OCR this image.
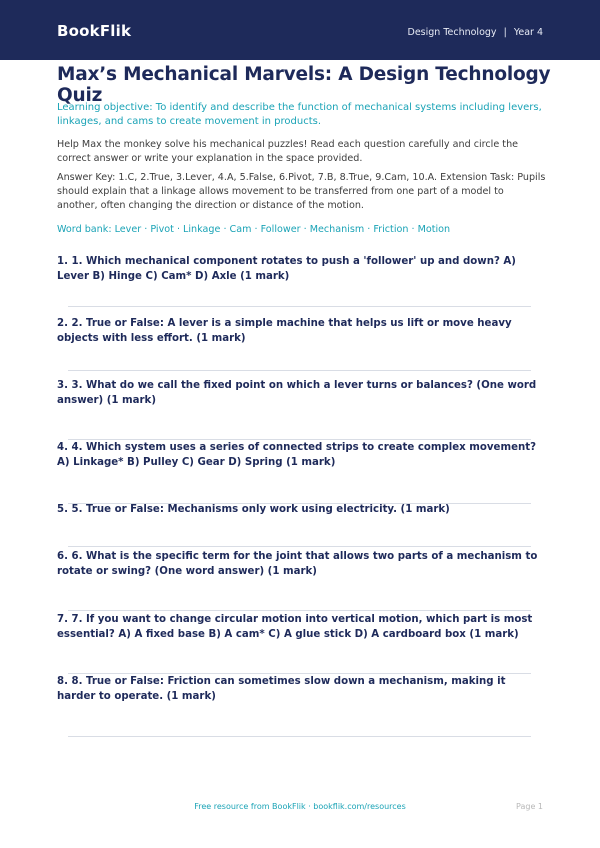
BookFlik	Design Technology | Year 4
Max’s Mechanical Marvels: A Design Technology Quiz
Learning objective: To identify and describe the function of mechanical systems including levers, linkages, and cams to create movement in products.
Help Max the monkey solve his mechanical puzzles! Read each question carefully and circle the correct answer or write your explanation in the space provided.
Answer Key: 1.C, 2.True, 3.Lever, 4.A, 5.False, 6.Pivot, 7.B, 8.True, 9.Cam, 10.A. Extension Task: Pupils should explain that a linkage allows movement to be transferred from one part of a model to another, often changing the direction or distance of the motion.
Word bank: Lever · Pivot · Linkage · Cam · Follower · Mechanism · Friction · Motion
1. 1. Which mechanical component rotates to push a 'follower' up and down? A) Lever B) Hinge C) Cam* D) Axle (1 mark)
2. 2. True or False: A lever is a simple machine that helps us lift or move heavy objects with less effort. (1 mark)
3. 3. What do we call the fixed point on which a lever turns or balances? (One word answer) (1 mark)
4. 4. Which system uses a series of connected strips to create complex movement? A) Linkage* B) Pulley C) Gear D) Spring (1 mark)
5. 5. True or False: Mechanisms only work using electricity. (1 mark)
6. 6. What is the specific term for the joint that allows two parts of a mechanism to rotate or swing? (One word answer) (1 mark)
7. 7. If you want to change circular motion into vertical motion, which part is most essential? A) A fixed base B) A cam* C) A glue stick D) A cardboard box (1 mark)
8. 8. True or False: Friction can sometimes slow down a mechanism, making it harder to operate. (1 mark)
Free resource from BookFlik · bookflik.com/resources	Page 1
